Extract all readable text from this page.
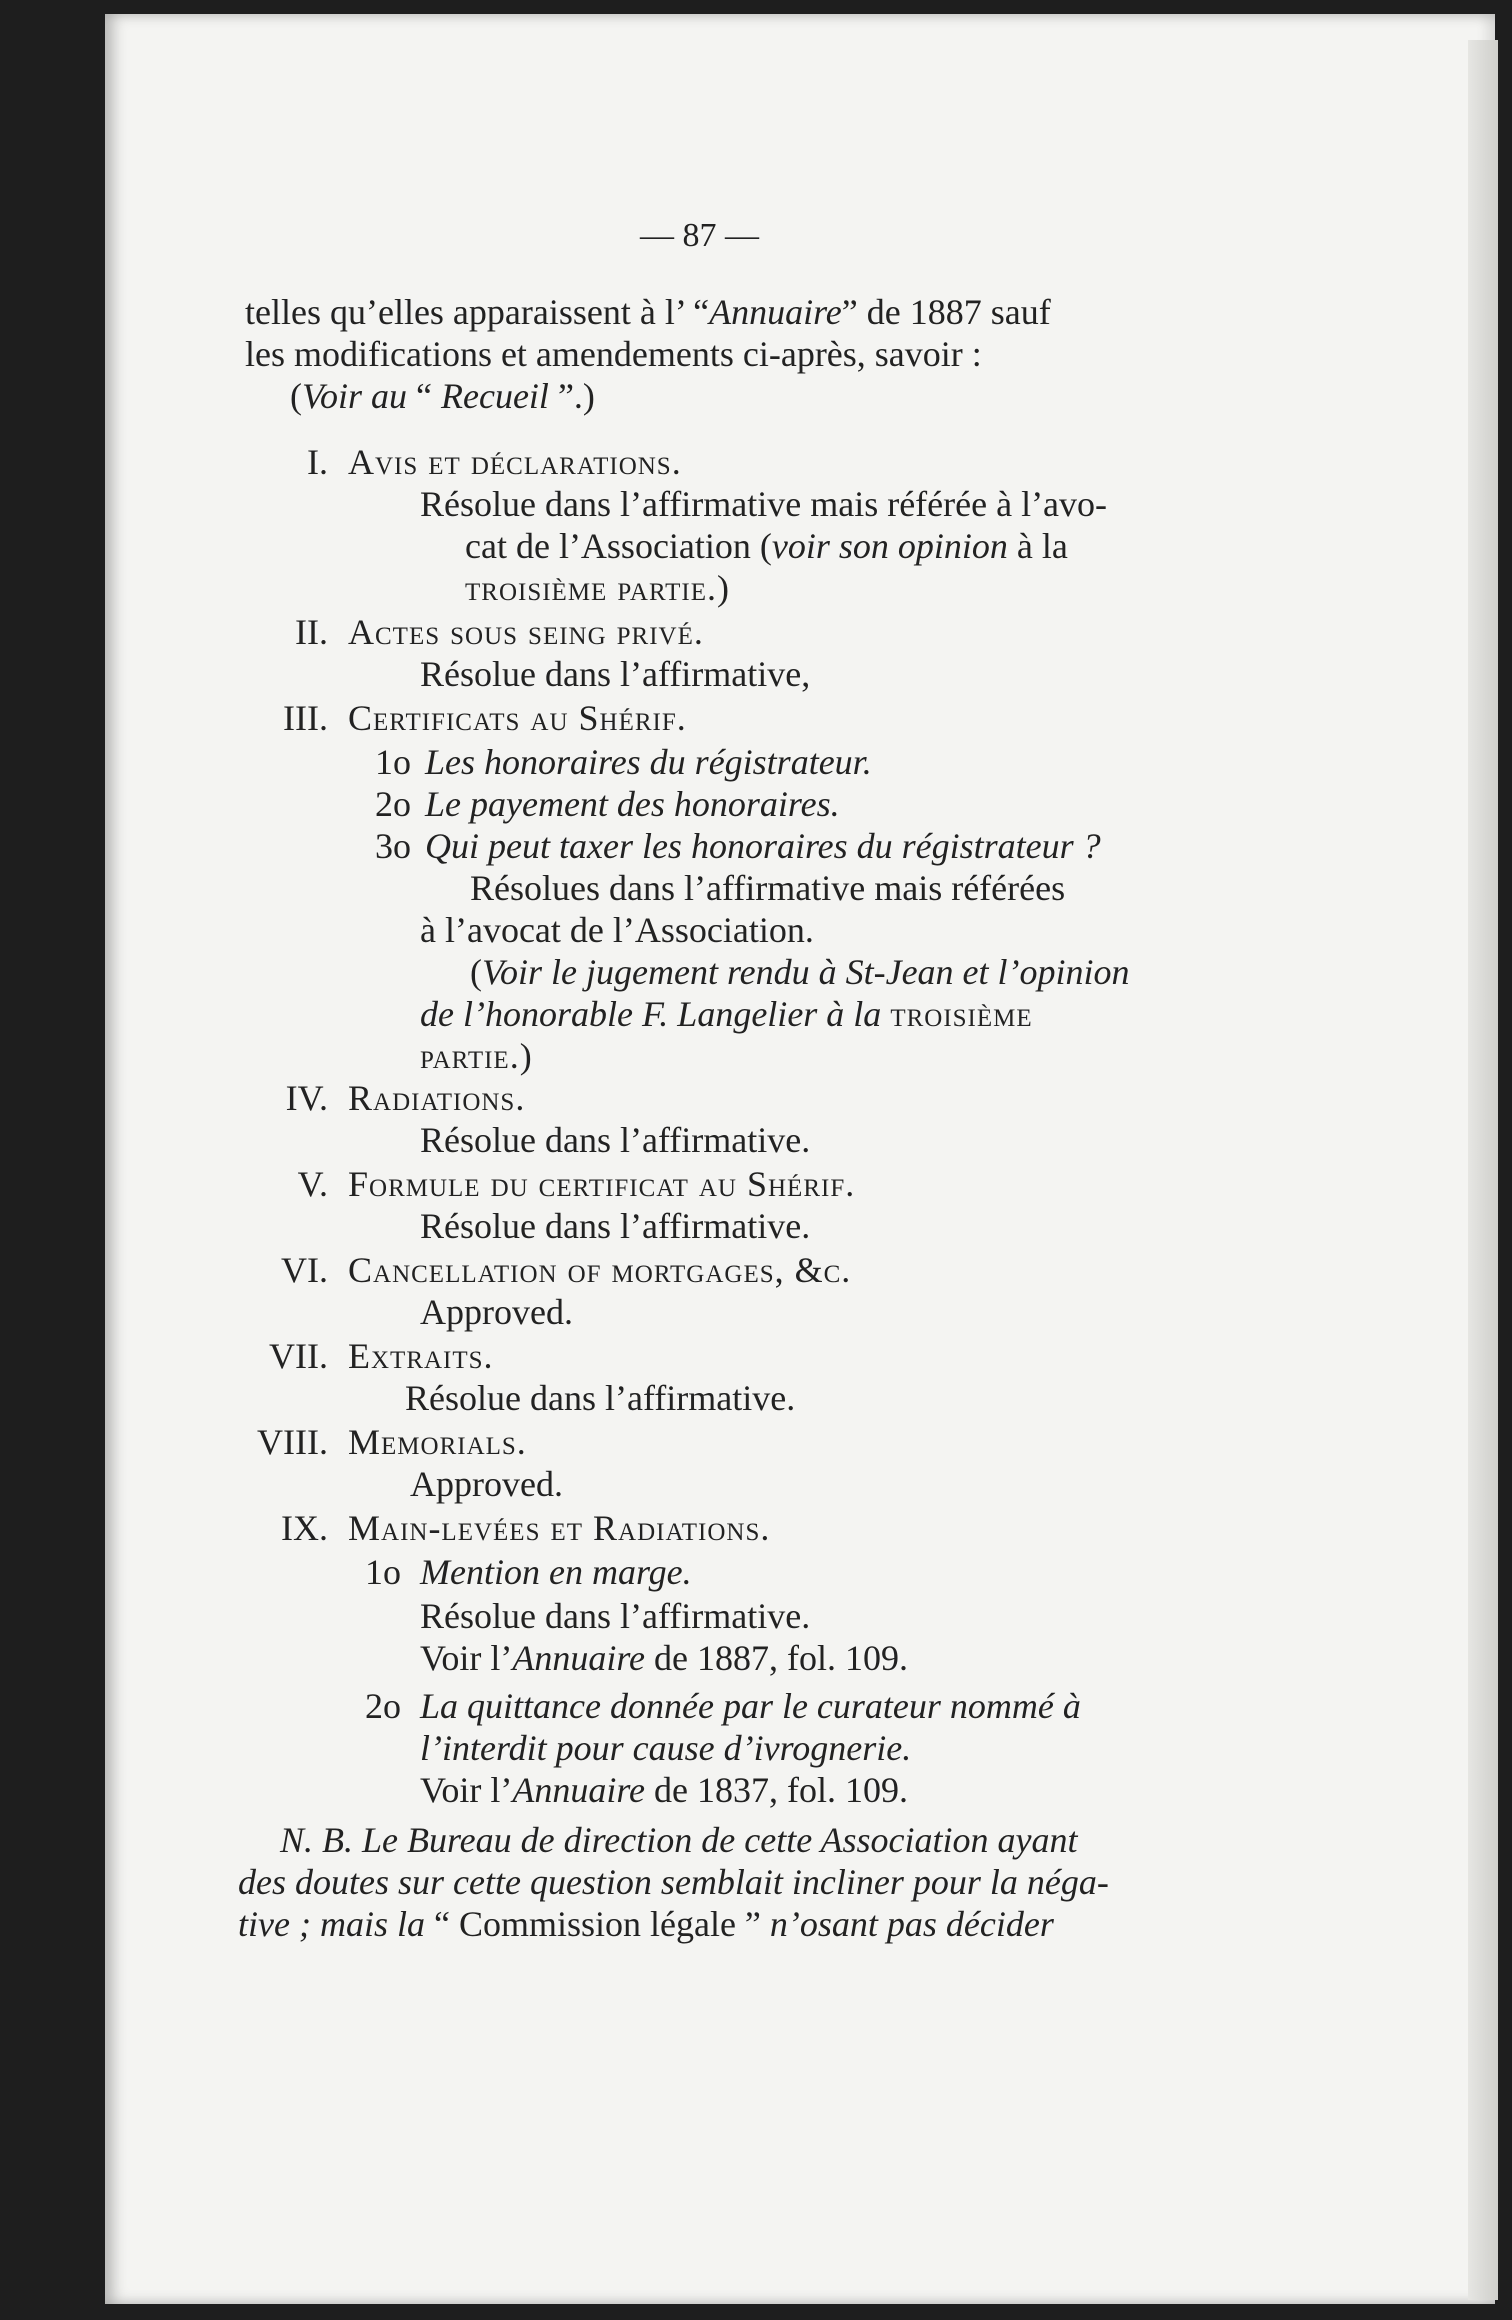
— 87 —
telles qu’elles apparaissent à l’ “Annuaire” de 1887 sauf
les modifications et amendements ci-après, savoir :
(Voir au “ Recueil ”.)
I. Avis et déclarations.
Résolue dans l’affirmative mais référée à l’avo-
cat de l’Association (voir son opinion à la
troisième partie.)
II. Actes sous seing privé.
Résolue dans l’affirmative,
III. Certificats au Shérif.
1o Les honoraires du régistrateur.
2o Le payement des honoraires.
3o Qui peut taxer les honoraires du régistrateur ?
Résolues dans l’affirmative mais référées
à l’avocat de l’Association.
(Voir le jugement rendu à St-Jean et l’opinion
de l’honorable F. Langelier à la troisième
partie.)
IV. Radiations.
Résolue dans l’affirmative.
V. Formule du certificat au Shérif.
Résolue dans l’affirmative.
VI. Cancellation of mortgages, &c.
Approved.
VII. Extraits.
Résolue dans l’affirmative.
VIII. Memorials.
Approved.
IX. Main-levées et Radiations.
1o Mention en marge.
Résolue dans l’affirmative.
Voir l’Annuaire de 1887, fol. 109.
2o La quittance donnée par le curateur nommé à
l’interdit pour cause d’ivrognerie.
Voir l’Annuaire de 1837, fol. 109.
N. B. Le Bureau de direction de cette Association ayant
des doutes sur cette question semblait incliner pour la néga-
tive ; mais la “ Commission légale ” n’osant pas décider
